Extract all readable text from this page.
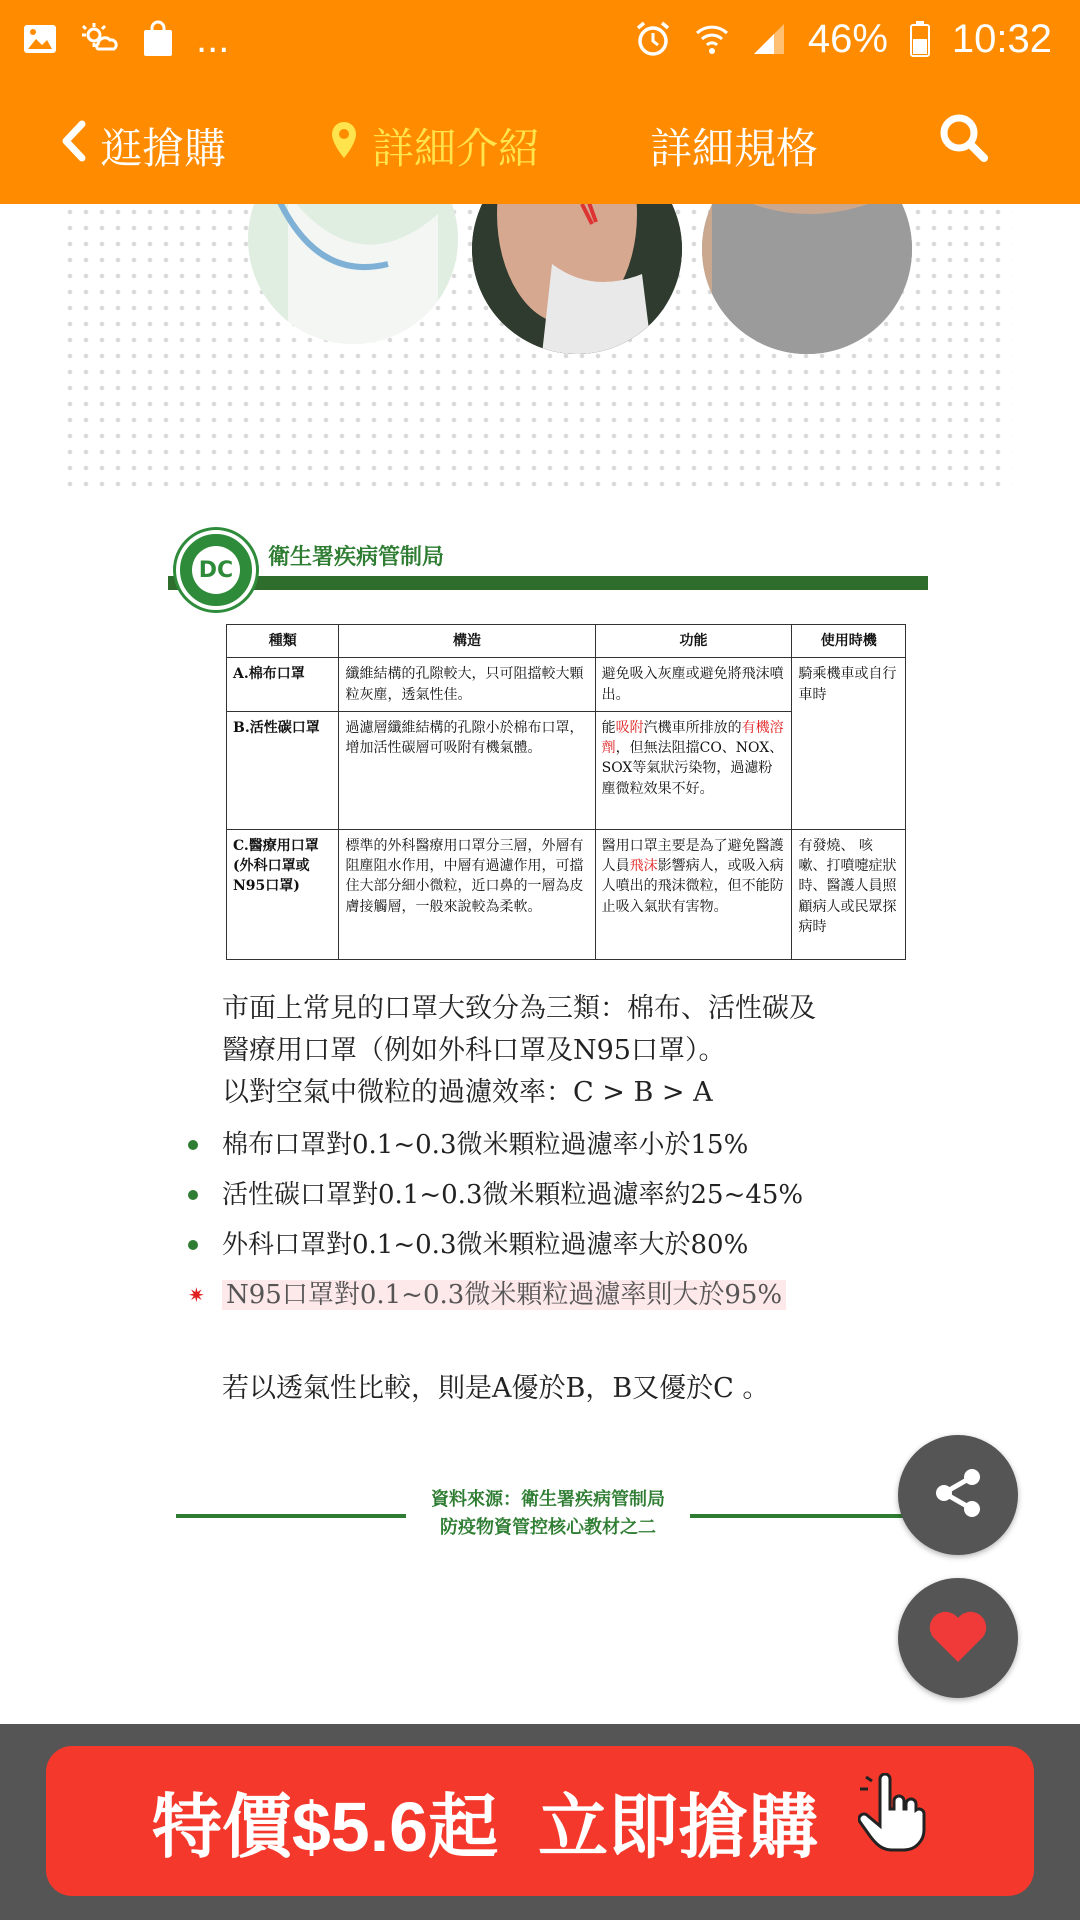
...	46% 10:32
逛搶購	詳細介紹	詳細規格
DC	衛生署疾病管制局
種類	構造	功能	使用時機
A.棉布口罩	纖維結構的孔隙較大，只可阻擋較大顆粒灰塵，透氣性佳。	避免吸入灰塵或避免將飛沫噴出。	騎乘機車或自行車時
B.活性碳口罩	過濾層纖維結構的孔隙小於棉布口罩，增加活性碳層可吸附有機氣體。	能吸附汽機車所排放的有機溶劑，但無法阻擋CO、NOX、SOX等氣狀污染物，過濾粉塵微粒效果不好。	
C.醫療用口罩(外科口罩或N95口罩)	標準的外科醫療用口罩分三層，外層有阻塵阻水作用，中層有過濾作用，可擋住大部分細小微粒，近口鼻的一層為皮膚接觸層，一般來說較為柔軟。	醫用口罩主要是為了避免醫護人員飛沫影響病人，或吸入病人噴出的飛沫微粒，但不能防止吸入氣狀有害物。	有發燒、 咳嗽、打噴嚏症狀時、醫護人員照顧病人或民眾探病時
市面上常見的口罩大致分為三類：棉布、活性碳及
醫療用口罩（例如外科口罩及N95口罩）。
以對空氣中微粒的過濾效率：C > B > A
棉布口罩對0.1~0.3微米顆粒過濾率小於15%
活性碳口罩對0.1~0.3微米顆粒過濾率約25~45%
外科口罩對0.1~0.3微米顆粒過濾率大於80%
✷ N95口罩對0.1~0.3微米顆粒過濾率則大於95%
若以透氣性比較，則是A優於B，B又優於C 。
資料來源：衛生署疾病管制局
防疫物資管控核心教材之二
特價$5.6起 立即搶購
